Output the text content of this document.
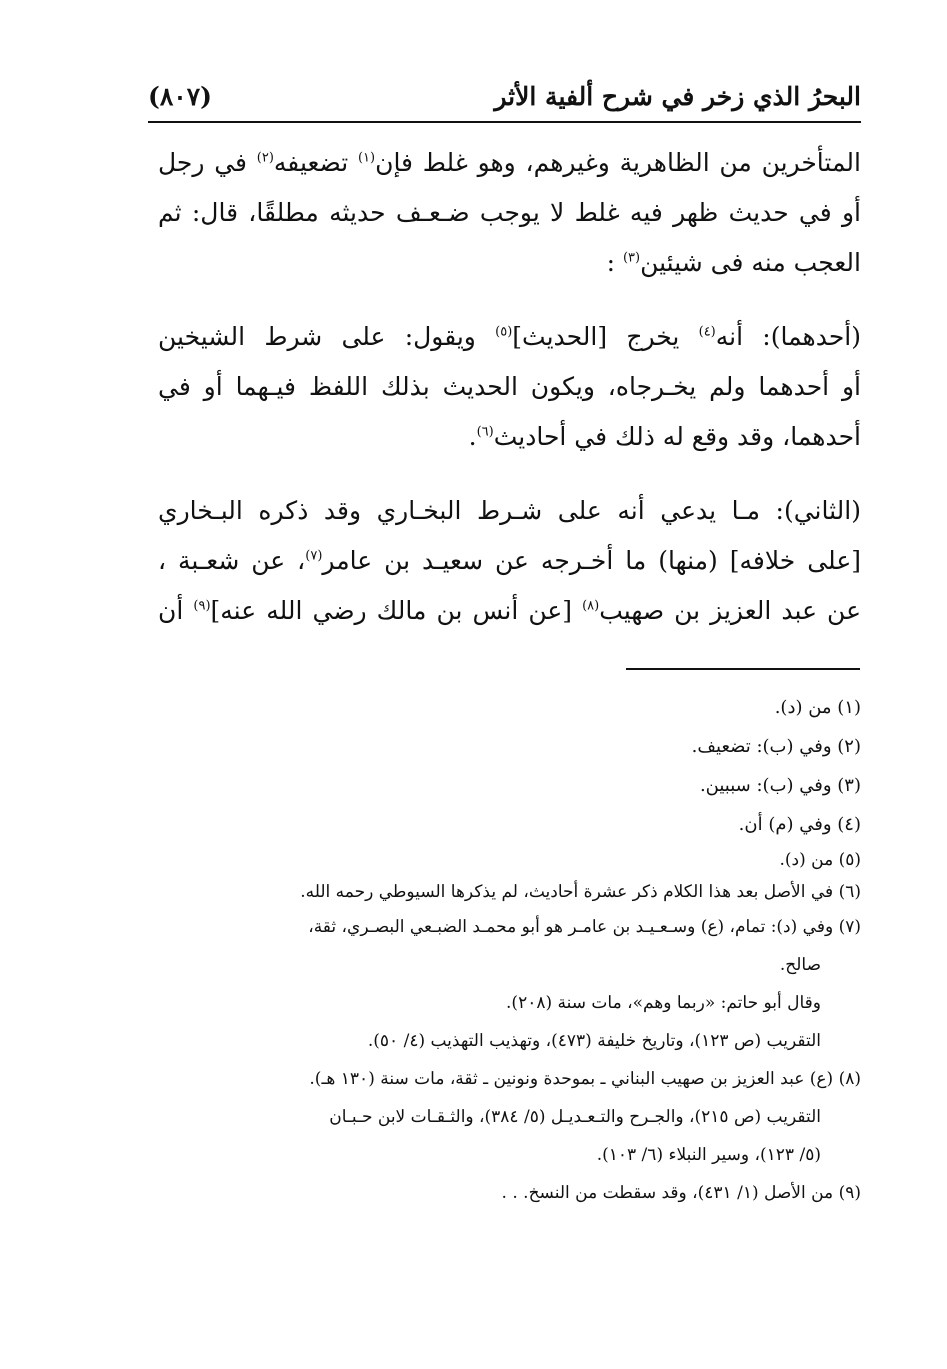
البحرُ الذي زخر في شرح ألفية الأثر
(٨٠٧)
المتأخرين من الظاهرية وغيرهم، وهو غلط فإن$^{(١)}$ تضعيفه$^{(٢)}$ في رجل
أو في حديث ظهر فيه غلط لا يوجب ضـعـف حديثه مطلقًا، قال: ثم
العجب منه فى شيئين$^{(٣)}$ :
(أحدهما): أنه$^{(٤)}$ يخرج [الحديث]$^{(٥)}$ ويقول: على شرط الشيخين
أو أحدهما ولم يخـرجاه، ويكون الحديث بذلك اللفظ فيـهما أو في
أحدهما، وقد وقع له ذلك في أحاديث$^{(٦)}$.
(الثاني): مـا يدعي أنه على شـرط البخـاري وقد ذكره البـخاري
[على خلافه] (منها) ما أخـرجه عن سعيـد بن عامر$^{(٧)}$، عن شعـبة ،
عن عبد العزيز بن صهيب$^{(٨)}$ [عن أنس بن مالك رضي الله عنه]$^{(٩)}$ أن
(١) من (د).
(٢) وفي (ب): تضعيف.
(٣) وفي (ب): سببين.
(٤) وفي (م) أن.
(٥) من (د).
(٦) في الأصل بعد هذا الكلام ذكر عشرة أحاديث، لم يذكرها السيوطي رحمه الله.
(٧) وفي (د): تمام، (ع) وسـعـيـد بن عامـر هو أبو محمـد الضبـعي البصـري، ثقة،
صالح.
وقال أبو حاتم: «ربما وهم»، مات سنة (٢٠٨).
التقريب (ص ١٢٣)، وتاريخ خليفة (٤٧٣)، وتهذيب التهذيب (٤/ ٥٠).
(٨) (ع) عبد العزيز بن صهيب البناني ـ بموحدة ونونين ـ ثقة، مات سنة (١٣٠ هـ).
التقريب (ص ٢١٥)، والجـرح والتـعـديـل (٥/ ٣٨٤)، والثـقـات لابن حـبـان
(٥/ ١٢٣)، وسير النبلاء (٦/ ١٠٣).
(٩) من الأصل (١/ ٤٣١)، وقد سقطت من النسخ. . .
